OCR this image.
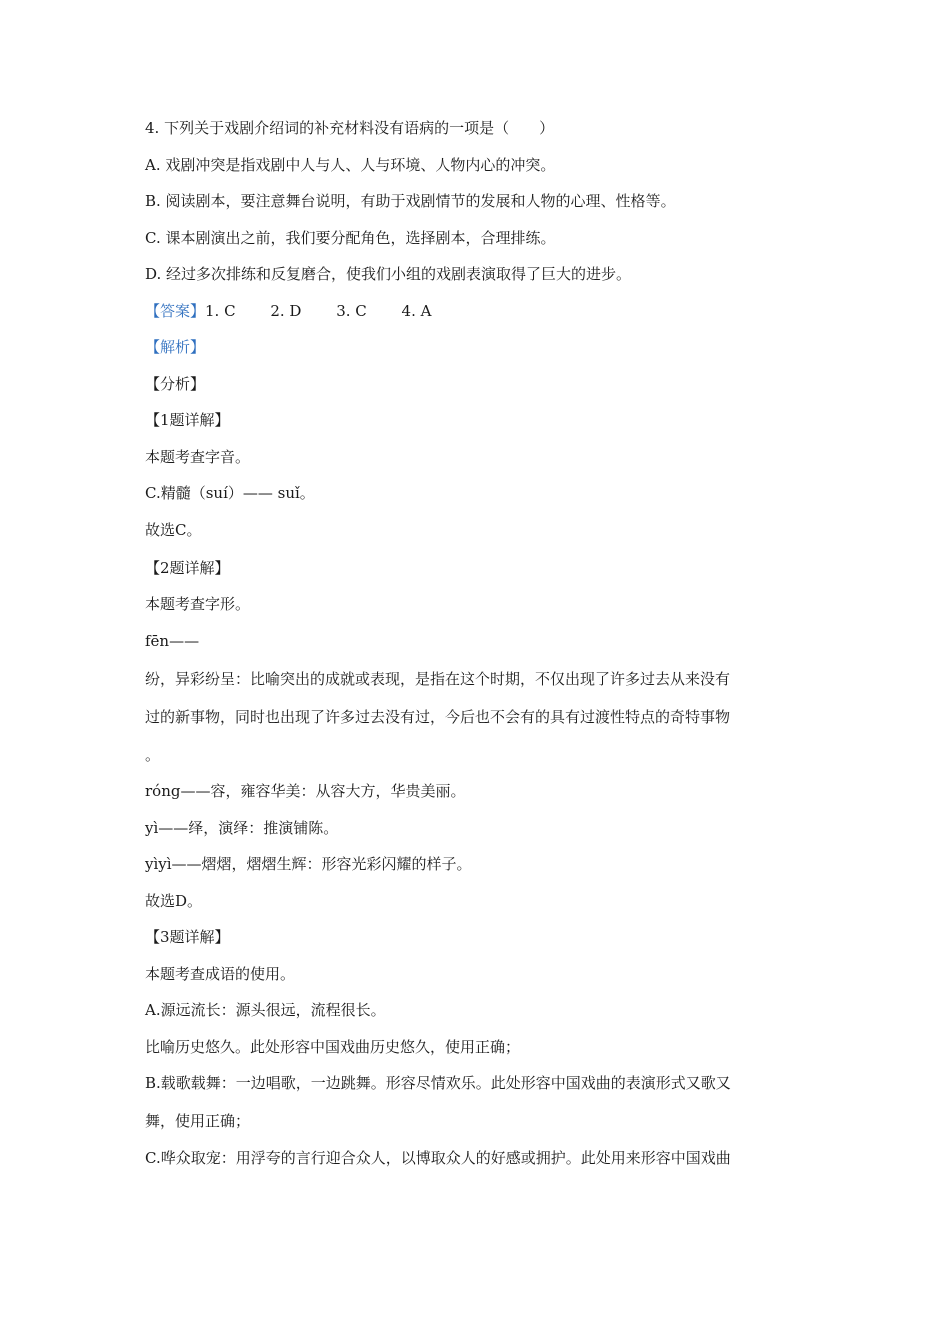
4. 下列关于戏剧介绍词的补充材料没有语病的一项是（　　）

A. 戏剧冲突是指戏剧中人与人、人与环境、人物内心的冲突。

B. 阅读剧本，要注意舞台说明，有助于戏剧情节的发展和人物的心理、性格等。

C. 课本剧演出之前，我们要分配角色，选择剧本，合理排练。

D. 经过多次排练和反复磨合，使我们小组的戏剧表演取得了巨大的进步。

【答案】1. C　　 2. D　　 3. C　　 4. A

【解析】

【分析】

【1题详解】

本题考查字音。

C.精髓（suí）—— suǐ。

故选C。

【2题详解】

本题考查字形。

fēn——

纷，异彩纷呈：比喻突出的成就或表现，是指在这个时期，不仅出现了许多过去从来没有

过的新事物，同时也出现了许多过去没有过，今后也不会有的具有过渡性特点的奇特事物

。

róng——容，雍容华美：从容大方，华贵美丽。

yì——绎，演绎：推演铺陈。

yìyì——熠熠，熠熠生辉：形容光彩闪耀的样子。

故选D。

【3题详解】

本题考查成语的使用。

A.源远流长：源头很远，流程很长。

比喻历史悠久。此处形容中国戏曲历史悠久，使用正确；

B.载歌载舞：一边唱歌，一边跳舞。形容尽情欢乐。此处形容中国戏曲的表演形式又歌又

舞，使用正确；

C.哗众取宠：用浮夸的言行迎合众人，以博取众人的好感或拥护。此处用来形容中国戏曲
